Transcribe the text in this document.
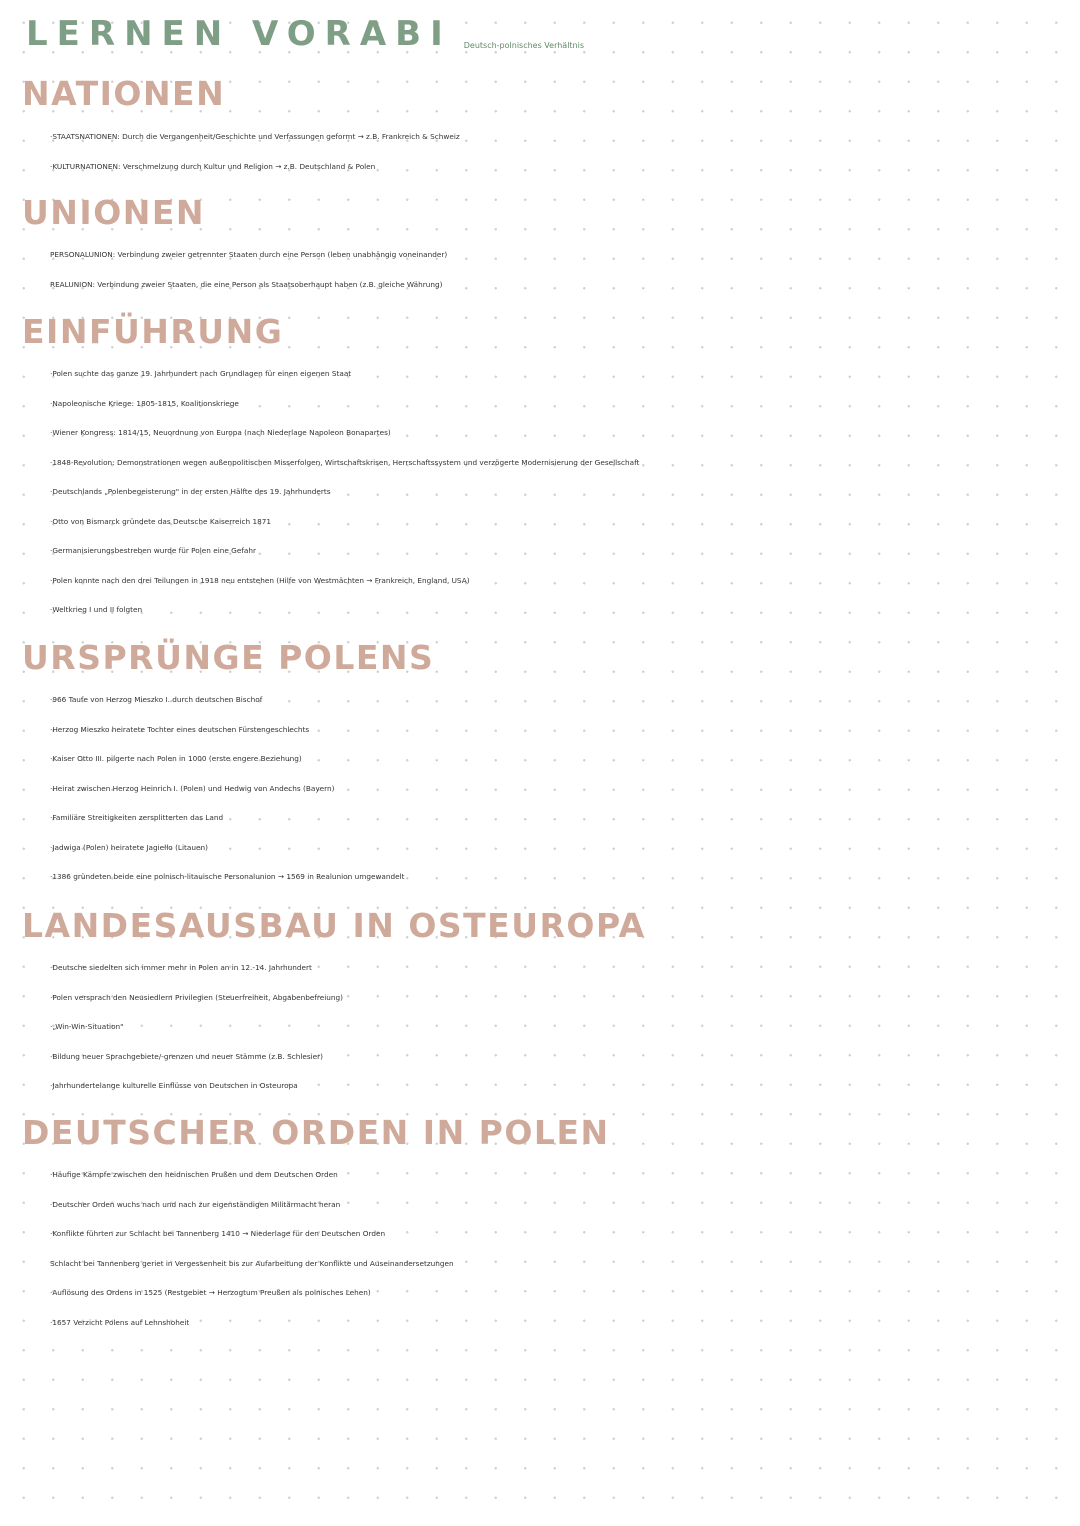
LERNEN VORABI Deutsch-polnisches Verhältnis
NATIONEN
·STAATSNATIONEN: Durch die Vergangenheit/Geschichte und Verfassungen geformt → z.B. Frankreich & Schweiz
·KULTURNATIONEN: Verschmelzung durch Kultur und Religion → z.B. Deutschland & Polen
UNIONEN
PERSONALUNION: Verbindung zweier getrennter Staaten durch eine Person (leben unabhängig voneinander)
REALUNION: Verbindung zweier Staaten, die eine Person als Staatsoberhaupt haben (z.B. gleiche Währung)
EINFÜHRUNG
·Polen suchte das ganze 19. Jahrhundert nach Grundlagen für einen eigenen Staat
·Napoleonische Kriege: 1805-1815, Koalitionskriege
·Wiener Kongress: 1814/15, Neuordnung von Europa (nach Niederlage Napoleon Bonapartes)
·1848-Revolution: Demonstrationen wegen außenpolitischen Misserfolgen, Wirtschaftskrisen, Herrschaftssystem und verzögerte Modernisierung der Gesellschaft
·Deutschlands „Polenbegeisterung" in der ersten Hälfte des 19. Jahrhunderts
·Otto von Bismarck gründete das Deutsche Kaiserreich 1871
·Germanisierungsbestreben wurde für Polen eine Gefahr
·Polen konnte nach den drei Teilungen in 1918 neu entstehen (Hilfe von Westmächten → Frankreich, England, USA)
·Weltkrieg I und II folgten
URSPRÜNGE POLENS
·966 Taufe von Herzog Mieszko I. durch deutschen Bischof
·Herzog Mieszko heiratete Tochter eines deutschen Fürstengeschlechts
·Kaiser Otto III. pilgerte nach Polen in 1000 (erste engere Beziehung)
·Heirat zwischen Herzog Heinrich I. (Polen) und Hedwig von Andechs (Bayern)
·Familiäre Streitigkeiten zersplitterten das Land
·Jadwiga (Polen) heiratete Jagiełło (Litauen)
·1386 gründeten beide eine polnisch-litauische Personalunion → 1569 in Realunion umgewandelt
LANDESAUSBAU IN OSTEUROPA
·Deutsche siedelten sich immer mehr in Polen an in 12.-14. Jahrhundert
·Polen versprach den Neusiedlern Privilegien (Steuerfreiheit, Abgabenbefreiung)
·„Win-Win-Situation"
·Bildung neuer Sprachgebiete/-grenzen und neuer Stämme (z.B. Schlesier)
·Jahrhundertelange kulturelle Einflüsse von Deutschen in Osteuropa
DEUTSCHER ORDEN IN POLEN
·Häufige Kämpfe zwischen den heidnischen Prußen und dem Deutschen Orden
·Deutscher Orden wuchs nach und nach zur eigenständigen Militärmacht heran
·Konflikte führten zur Schlacht bei Tannenberg 1410 → Niederlage für den Deutschen Orden
Schlacht bei Tannenberg geriet in Vergessenheit bis zur Aufarbeitung der Konflikte und Auseinandersetzungen
·Auflösung des Ordens in 1525 (Restgebiet → Herzogtum Preußen als polnisches Lehen)
·1657 Verzicht Polens auf Lehnshoheit
